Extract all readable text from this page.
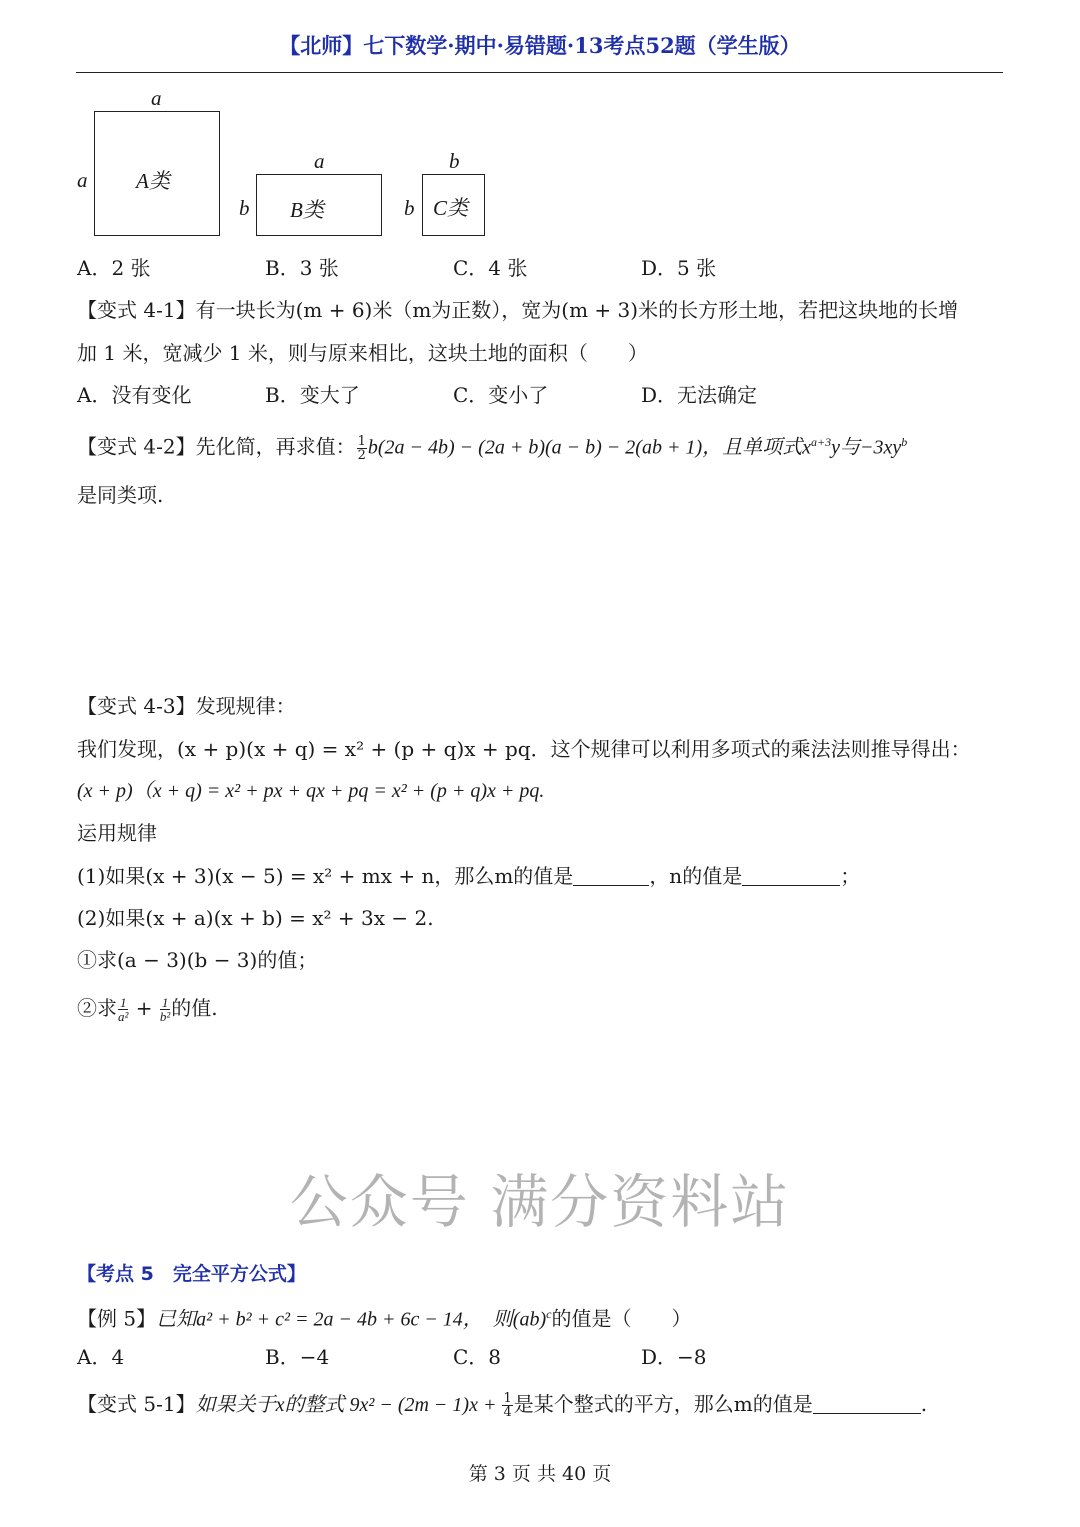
【北师】七下数学·期中·易错题·13考点52题（学生版）
a
a A类
a
b B类
b
b C类
A．2 张	B．3 张	C．4 张	D．5 张
【变式 4-1】有一块长为(m + 6)米（m为正数），宽为(m + 3)米的长方形土地，若把这块地的长增
加 1 米，宽减少 1 米，则与原来相比，这块土地的面积（　　）
A．没有变化	B．变大了	C．变小了	D．无法确定
【变式 4-2】先化简，再求值： $\frac{1}{2} b(2a - 4b) - (2a + b)(a - b) - 2(ab + 1)$，且单项式$x^{a+3}y$与$-3xy^b$
是同类项.
【变式 4-3】发现规律：
我们发现，(x + p)(x + q) = x² + (p + q)x + pq．这个规律可以利用多项式的乘法法则推导得出：
(x + p)（x + q) = x² + px + qx + pq = x² + (p + q)x + pq.
运用规律
(1)如果(x + 3)(x − 5) = x² + mx + n，那么m的值是	，n的值是	；
(2)如果(x + a)(x + b) = x² + 3x − 2.
①求(a − 3)(b − 3)的值；
②求 $\frac{1}{\text{a²}} + \frac{1}{\text{b²}}$ 的值.
公众号 满分资料站
【考点 5　完全平方公式】
【例 5】已知a² + b² + c² = 2a − 4b + 6c − 14，　则(ab)$^c$的值是（　　）
A．4	B．−4	C．8	D．−8
【变式 5-1】如果关于x的整式 $9x^2 - (2m - 1)x + \frac{1}{4}$ 是某个整式的平方，那么m的值是	.
第 3 页 共 40 页
